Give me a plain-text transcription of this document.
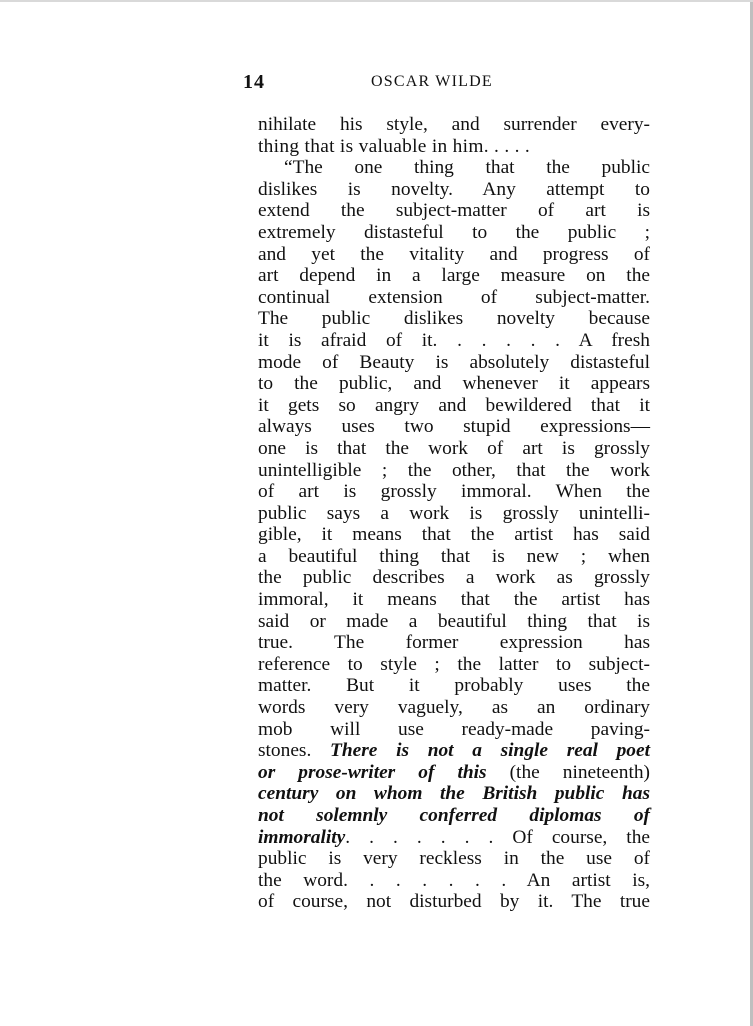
14	OSCAR WILDE
nihilate his style, and surrender every-
thing that is valuable in him. . . . .
“The one thing that the public
dislikes is novelty. Any attempt to
extend the subject-matter of art is
extremely distasteful to the public ;
and yet the vitality and progress of
art depend in a large measure on the
continual extension of subject-matter.
The public dislikes novelty because
it is afraid of it. . . . . . A fresh
mode of Beauty is absolutely distasteful
to the public, and whenever it appears
it gets so angry and bewildered that it
always uses two stupid expressions—
one is that the work of art is grossly
unintelligible ; the other, that the work
of art is grossly immoral. When the
public says a work is grossly unintelli-
gible, it means that the artist has said
a beautiful thing that is new ; when
the public describes a work as grossly
immoral, it means that the artist has
said or made a beautiful thing that is
true. The former expression has
reference to style ; the latter to subject-
matter. But it probably uses the
words very vaguely, as an ordinary
mob will use ready-made paving-
stones. There is not a single real poet
or prose-writer of this (the nineteenth)
century on whom the British public has
not solemnly conferred diplomas of
immorality. . . . . . . Of course, the
public is very reckless in the use of
the word. . . . . . . An artist is,
of course, not disturbed by it. The true
